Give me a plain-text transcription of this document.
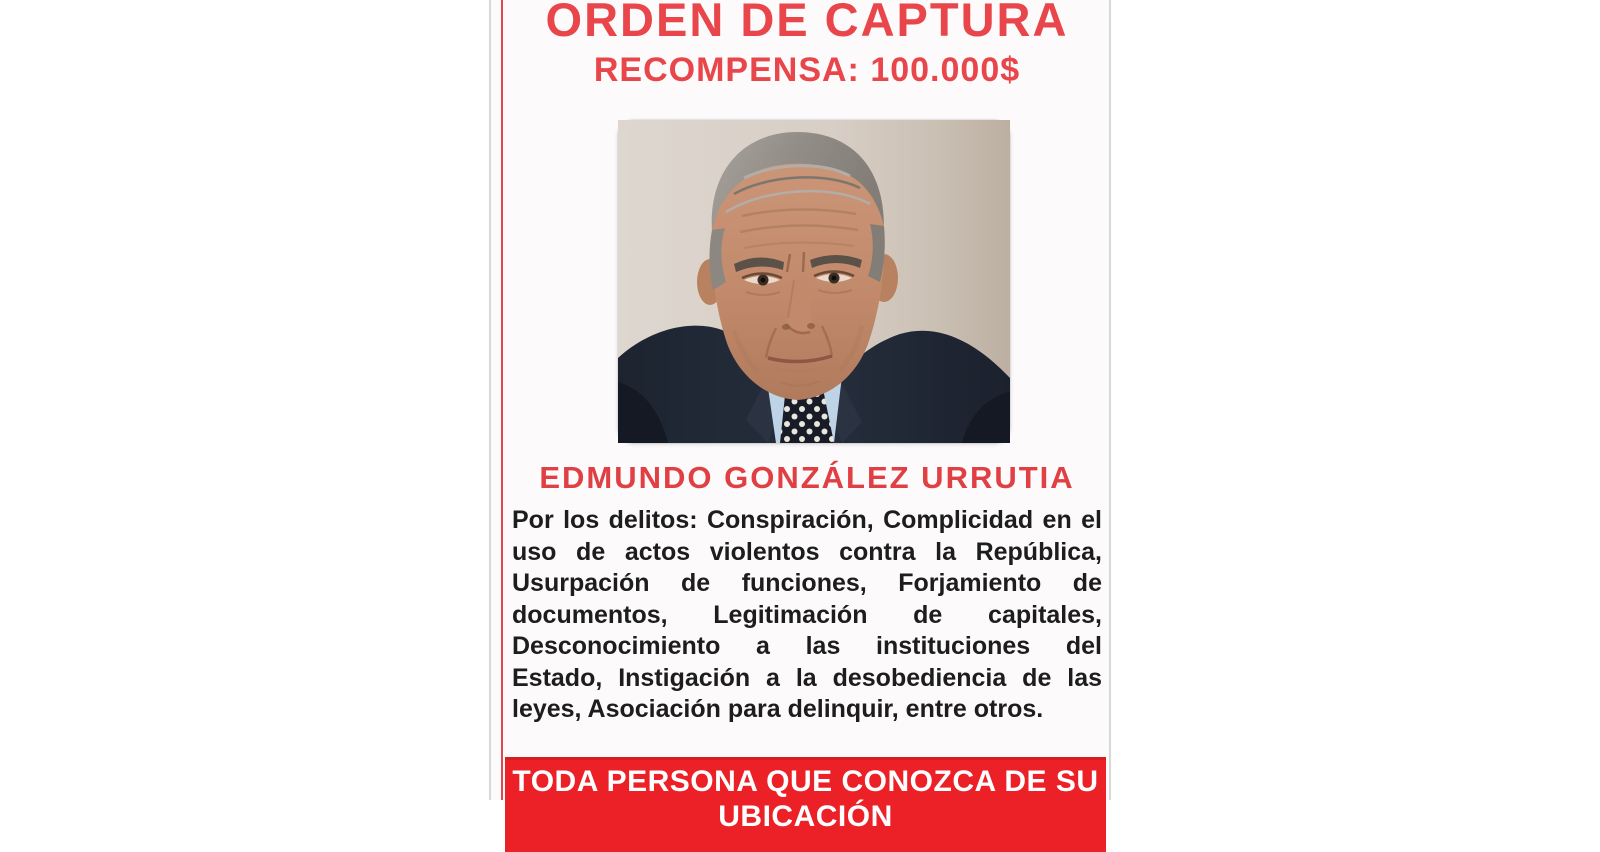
ORDEN DE CAPTURA
RECOMPENSA: 100.000$
EDMUNDO GONZÁLEZ URRUTIA
Por los delitos: Conspiración, Complicidad en el
uso de actos violentos contra la República,
Usurpación de funciones, Forjamiento de
documentos, Legitimación de capitales,
Desconocimiento a las instituciones del
Estado, Instigación a la desobediencia de las
leyes, Asociación para delinquir, entre otros.
TODA PERSONA QUE CONOZCA DE SU
UBICACIÓN
